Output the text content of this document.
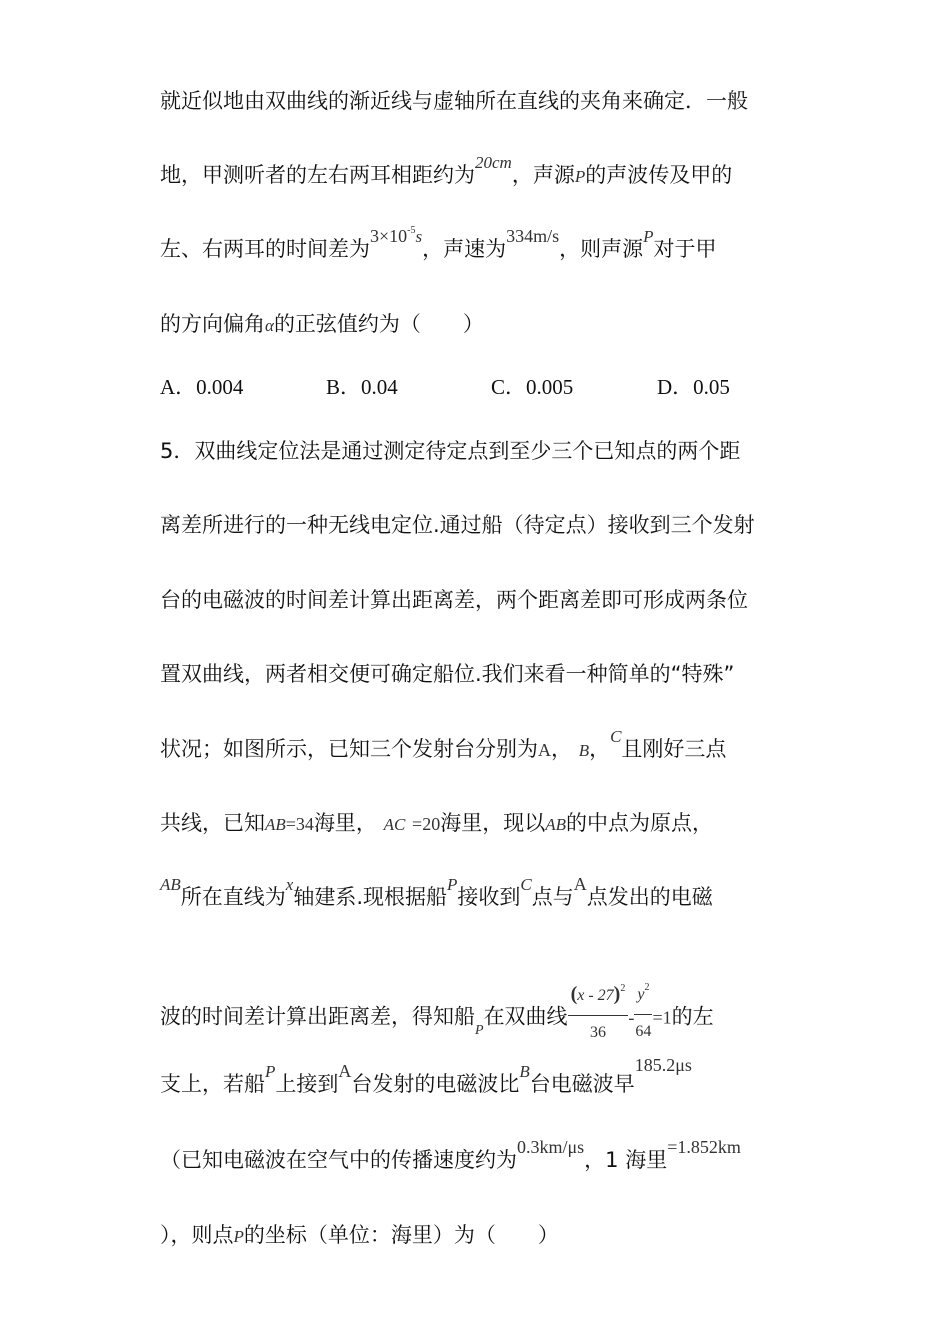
就近似地由双曲线的渐近线与虚轴所在直线的夹角来确定．一般
地，甲测听者的左右两耳相距约为$^{20cm}$，声源P的声波传及甲的
左、右两耳的时间差为$3\times 10^{-5}s$，声速为334m/s，则声源$^P$对于甲
的方向偏角α的正弦值约为（　　）
A．0.004	B．0.04	C．0.005	D．0.05
5．双曲线定位法是通过测定待定点到至少三个已知点的两个距
离差所进行的一种无线电定位.通过船（待定点）接收到三个发射
台的电磁波的时间差计算出距离差，两个距离差即可形成两条位
置双曲线，两者相交便可确定船位.我们来看一种简单的“特殊”
状况；如图所示，已知三个发射台分别为A， B，$^C$且刚好三点
共线，已知AB=34海里， AC =20海里，现以AB的中点为原点，
$^{AB}$所在直线为$^x$轴建系.现根据船$^P$接收到$^C$点与A点发出的电磁
波的时间差计算出距离差，得知船$_P$在双曲线 $\frac{(x - 27)^2}{36} - \frac{y^2}{64} =1$的左
支上，若船$^P$上接到A台发射的电磁波比$^B$台电磁波早185.2μs
（已知电磁波在空气中的传播速度约为0.3km/μs，1 海里=1.852km
），则点P的坐标（单位：海里）为（　　）
